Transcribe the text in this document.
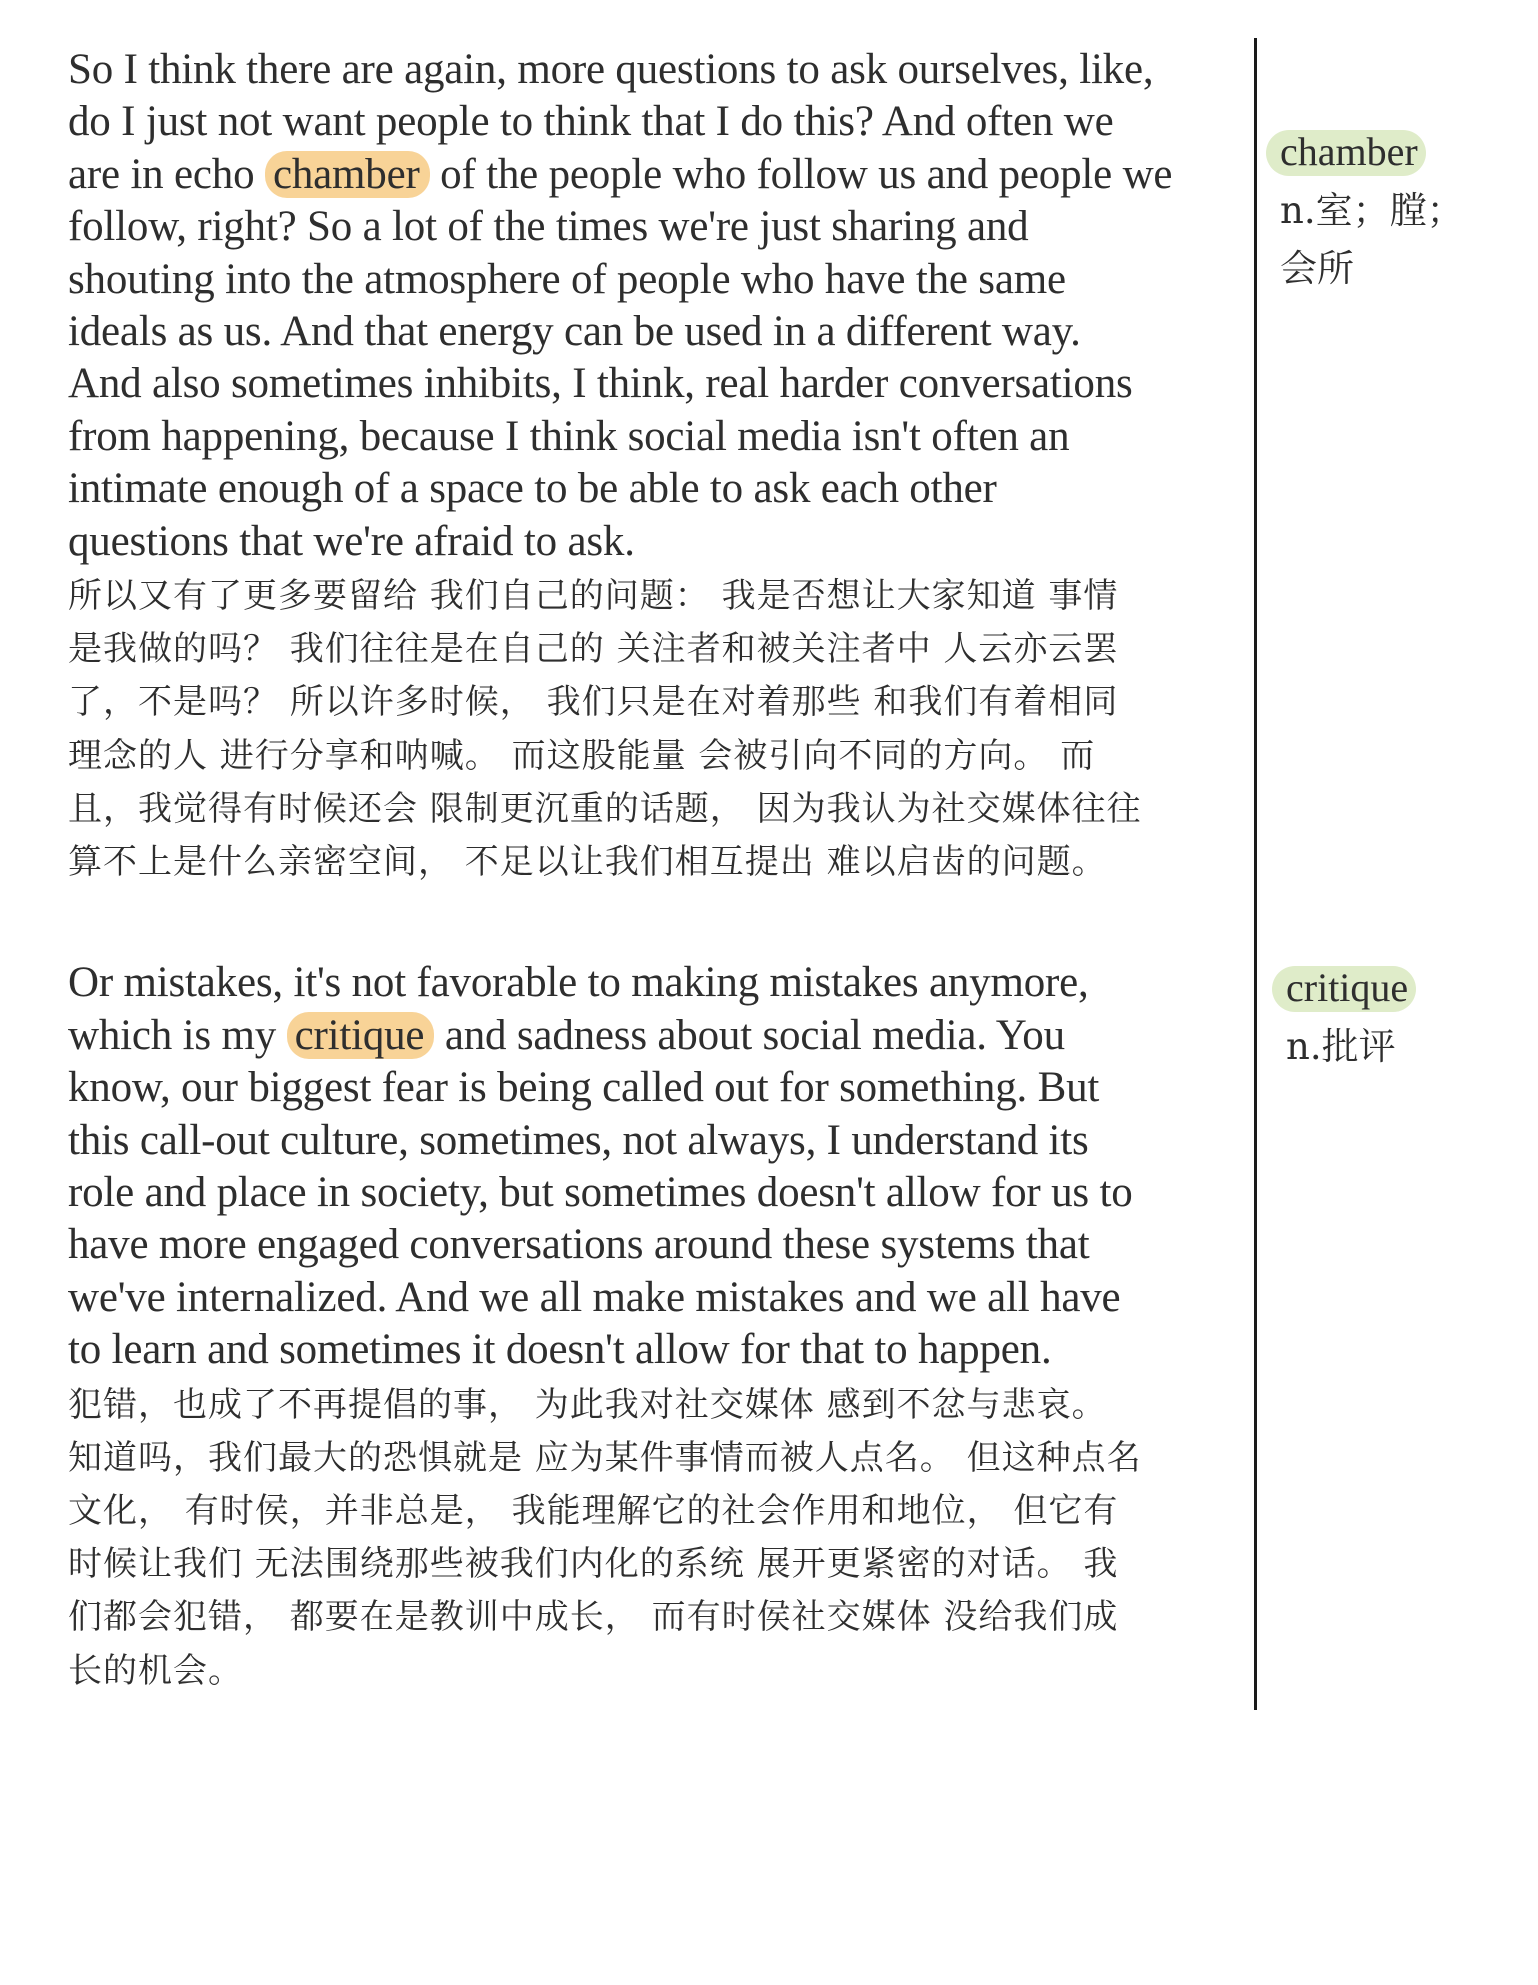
So I think there are again, more questions to ask ourselves, like,
do I just not want people to think that I do this? And often we
are in echo chamber of the people who follow us and people we
follow, right? So a lot of the times we're just sharing and
shouting into the atmosphere of people who have the same
ideals as us. And that energy can be used in a different way.
And also sometimes inhibits, I think, real harder conversations
from happening, because I think social media isn't often an
intimate enough of a space to be able to ask each other
questions that we're afraid to ask.
所以又有了更多要留给 我们自己的问题： 我是否想让大家知道 事情
是我做的吗？ 我们往往是在自己的 关注者和被关注者中 人云亦云罢
了，不是吗？ 所以许多时候， 我们只是在对着那些 和我们有着相同
理念的人 进行分享和呐喊。 而这股能量 会被引向不同的方向。 而
且，我觉得有时候还会 限制更沉重的话题， 因为我认为社交媒体往往
算不上是什么亲密空间， 不足以让我们相互提出 难以启齿的问题。
Or mistakes, it's not favorable to making mistakes anymore,
which is my critique and sadness about social media. You
know, our biggest fear is being called out for something. But
this call-out culture, sometimes, not always, I understand its
role and place in society, but sometimes doesn't allow for us to
have more engaged conversations around these systems that
we've internalized. And we all make mistakes and we all have
to learn and sometimes it doesn't allow for that to happen.
犯错，也成了不再提倡的事， 为此我对社交媒体 感到不忿与悲哀。
知道吗，我们最大的恐惧就是 应为某件事情而被人点名。 但这种点名
文化， 有时侯，并非总是， 我能理解它的社会作用和地位， 但它有
时候让我们 无法围绕那些被我们内化的系统 展开更紧密的对话。 我
们都会犯错， 都要在是教训中成长， 而有时侯社交媒体 没给我们成
长的机会。
chamber
n.室；膛；会所
critique
n.批评
